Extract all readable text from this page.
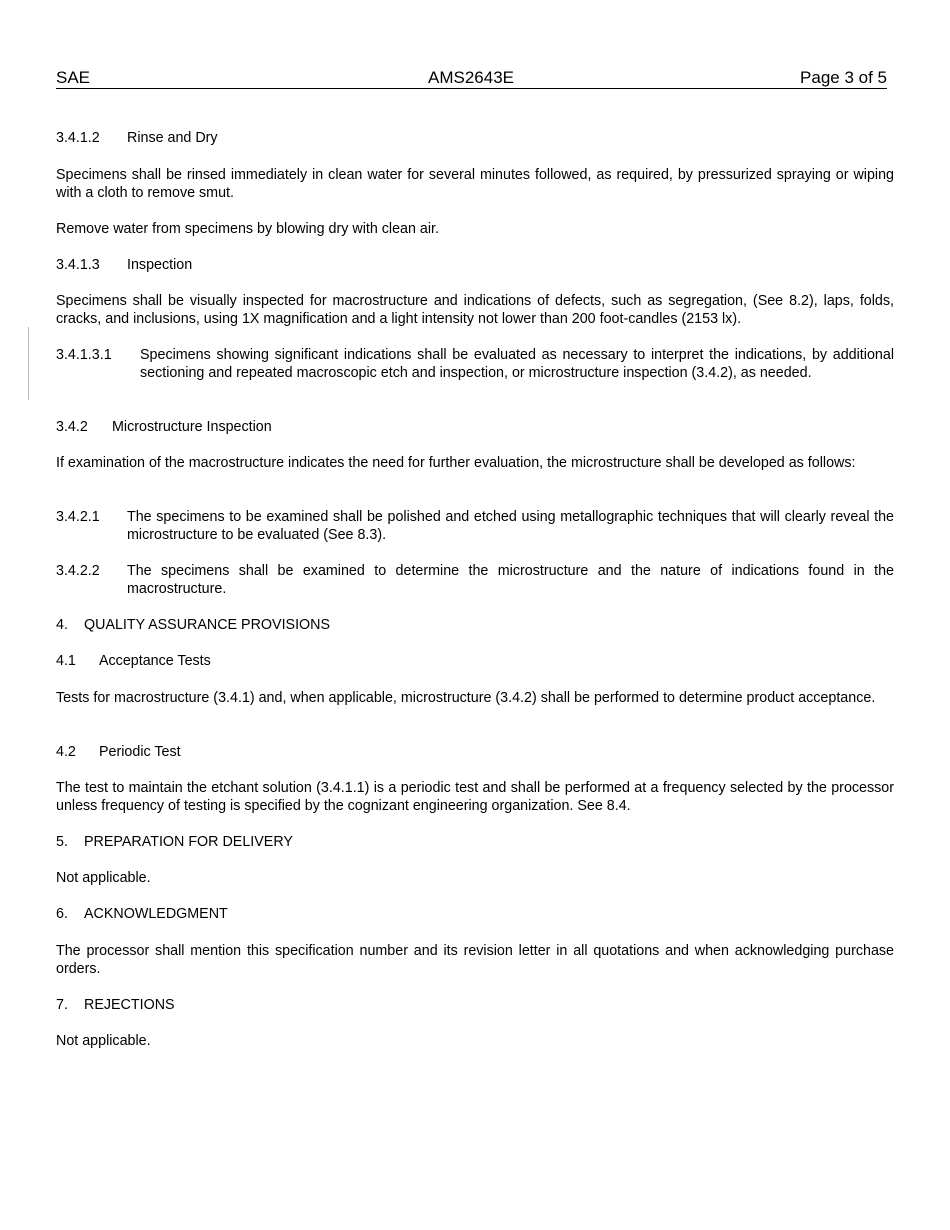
SAE	AMS2643E	Page 3 of 5
3.4.1.2 Rinse and Dry
Specimens shall be rinsed immediately in clean water for several minutes followed, as required, by pressurized spraying or wiping with a cloth to remove smut.
Remove water from specimens by blowing dry with clean air.
3.4.1.3 Inspection
Specimens shall be visually inspected for macrostructure and indications of defects, such as segregation, (See 8.2), laps, folds, cracks, and inclusions, using 1X magnification and a light intensity not lower than 200 foot-candles (2153 lx).
3.4.1.3.1 Specimens showing significant indications shall be evaluated as necessary to interpret the indications, by additional sectioning and repeated macroscopic etch and inspection, or microstructure inspection (3.4.2), as needed.
3.4.2 Microstructure Inspection
If examination of the macrostructure indicates the need for further evaluation, the microstructure shall be developed as follows:
3.4.2.1 The specimens to be examined shall be polished and etched using metallographic techniques that will clearly reveal the microstructure to be evaluated (See 8.3).
3.4.2.2 The specimens shall be examined to determine the microstructure and the nature of indications found in the macrostructure.
4. QUALITY ASSURANCE PROVISIONS
4.1 Acceptance Tests
Tests for macrostructure (3.4.1) and, when applicable, microstructure (3.4.2) shall be performed to determine product acceptance.
4.2 Periodic Test
The test to maintain the etchant solution (3.4.1.1) is a periodic test and shall be performed at a frequency selected by the processor unless frequency of testing is specified by the cognizant engineering organization. See 8.4.
5. PREPARATION FOR DELIVERY
Not applicable.
6. ACKNOWLEDGMENT
The processor shall mention this specification number and its revision letter in all quotations and when acknowledging purchase orders.
7. REJECTIONS
Not applicable.
